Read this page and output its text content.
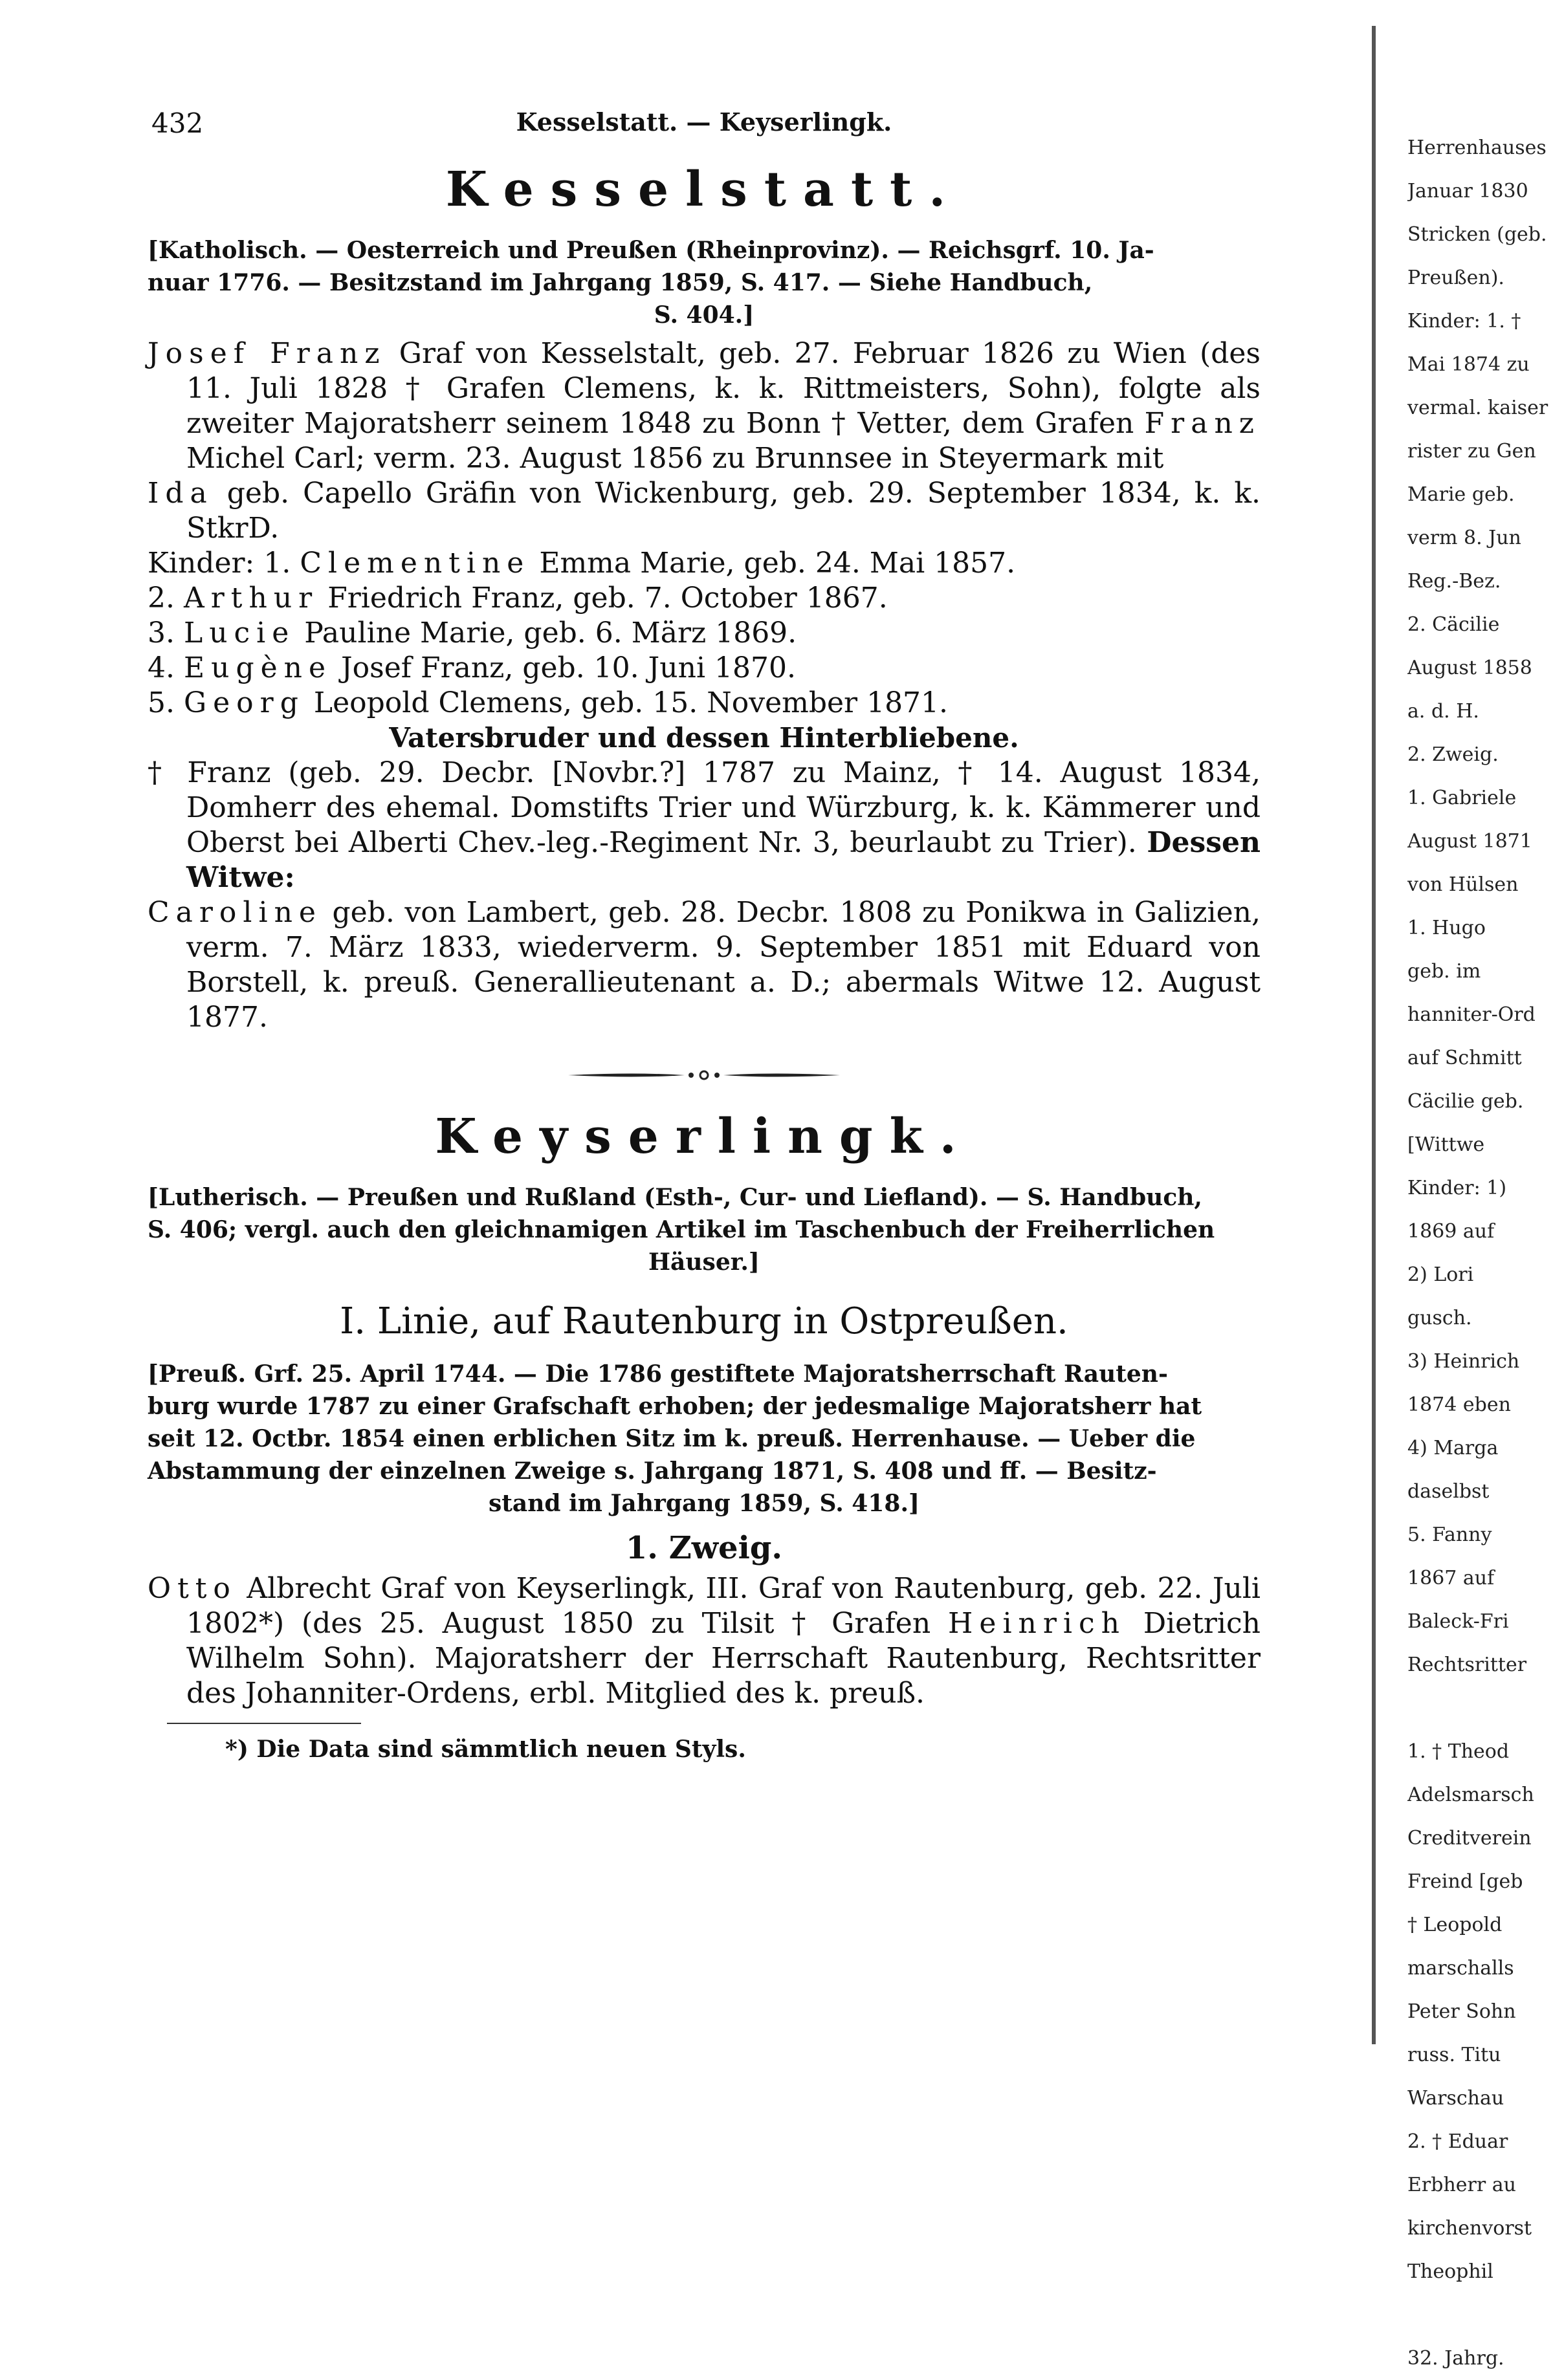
432	Kesselstatt. — Keyserlingk.
Kesselstatt.
[Katholisch. — Oesterreich und Preußen (Rheinprovinz). — Reichsgrf. 10. Ja-
nuar 1776. — Besitzstand im Jahrgang 1859, S. 417. — Siehe Handbuch,
S. 404.]
Josef Franz Graf von Kesselstalt, geb. 27. Februar 1826 zu Wien (des 11. Juli 1828 † Grafen Clemens, k. k. Rittmeisters, Sohn), folgte als zweiter Majoratsherr seinem 1848 zu Bonn † Vetter, dem Grafen Franz Michel Carl; verm. 23. August 1856 zu Brunnsee in Steyermark mit
Ida geb. Capello Gräfin von Wickenburg, geb. 29. September 1834, k. k. StkrD.
Kinder: 1. Clementine Emma Marie, geb. 24. Mai 1857.
2. Arthur Friedrich Franz, geb. 7. October 1867.
3. Lucie Pauline Marie, geb. 6. März 1869.
4. Eugène Josef Franz, geb. 10. Juni 1870.
5. Georg Leopold Clemens, geb. 15. November 1871.
Vatersbruder und dessen Hinterbliebene.
† Franz (geb. 29. Decbr. [Novbr.?] 1787 zu Mainz, † 14. August 1834, Domherr des ehemal. Domstifts Trier und Würzburg, k. k. Kämmerer und Oberst bei Alberti Chev.-leg.-Regiment Nr. 3, beurlaubt zu Trier). Dessen Witwe:
Caroline geb. von Lambert, geb. 28. Decbr. 1808 zu Ponikwa in Galizien, verm. 7. März 1833, wiederverm. 9. September 1851 mit Eduard von Borstell, k. preuß. Generallieutenant a. D.; abermals Witwe 12. August 1877.
Keyserlingk.
[Lutherisch. — Preußen und Rußland (Esth-, Cur- und Liefland). — S. Handbuch,
S. 406; vergl. auch den gleichnamigen Artikel im Taschenbuch der Freiherrlichen
Häuser.]
I. Linie, auf Rautenburg in Ostpreußen.
[Preuß. Grf. 25. April 1744. — Die 1786 gestiftete Majoratsherrschaft Rauten-
burg wurde 1787 zu einer Grafschaft erhoben; der jedesmalige Majoratsherr hat
seit 12. Octbr. 1854 einen erblichen Sitz im k. preuß. Herrenhause. — Ueber die
Abstammung der einzelnen Zweige s. Jahrgang 1871, S. 408 und ff. — Besitz-
stand im Jahrgang 1859, S. 418.]
1. Zweig.
Otto Albrecht Graf von Keyserlingk, III. Graf von Rautenburg, geb. 22. Juli 1802*) (des 25. August 1850 zu Tilsit † Grafen Heinrich Dietrich Wilhelm Sohn). Majoratsherr der Herrschaft Rautenburg, Rechtsritter des Johanniter-Ordens, erbl. Mitglied des k. preuß.
*) Die Data sind sämmtlich neuen Styls.
Herrenhauses
Januar 1830
Stricken (geb.
Preußen).
Kinder: 1. †
Mai 1874 zu
vermal. kaiser
rister zu Gen
Marie geb.
verm 8. Jun
Reg.-Bez.
2. Cäcilie
August 1858
a. d. H.
2. Zweig.
1. Gabriele
August 1871
von Hülsen
1. Hugo
geb. im
hanniter-Ord
auf Schmitt
Cäcilie geb.
[Wittwe
Kinder: 1)
1869 auf
2) Lori
gusch.
3) Heinrich
1874 eben
4) Marga
daselbst
5. Fanny
1867 auf
Baleck-Fri
Rechtsritter

1. † Theod
Adelsmarsch
Creditverein
Freind [geb
† Leopold
marschalls
Peter Sohn
russ. Titu
Warschau
2. † Eduar
Erbherr au
kirchenvorst
Theophil

32. Jahrg.
